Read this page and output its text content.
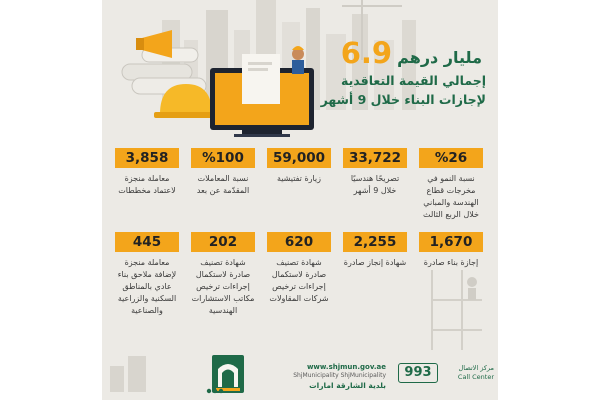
مليار درهم 6.9
إجمالي القيمة التعاقدية
لإجازات البناء خلال 9 أشهر
3,858
معاملة منجزة لاعتماد مخططات
%100
نسبة المعاملات المقدّمة عن بعد
59,000
زيارة تفتيشية
33,722
تصريحًا هندسيًا خلال 9 أشهر
%26
نسبة النمو في مخرجات قطاع الهندسة والمباني خلال الربع الثالث
445
معاملة منجزة لإضافة ملاحق بناء عادي بالمناطق السكنية والزراعية والصناعية
202
شهادة تصنيف صادرة لاستكمال إجراءات ترخيص مكاتب الاستشارات الهندسية
620
شهادة تصنيف صادرة لاستكمال إجراءات ترخيص شركات المقاولات
2,255
شهادة إنجاز صادرة
1,670
إجازة بناء صادرة
www.shjmun.gov.ae
ShjMunicipality ShjMunicipality
بلدية الشارقة امارات
993	مركز الاتصال
Call Center
